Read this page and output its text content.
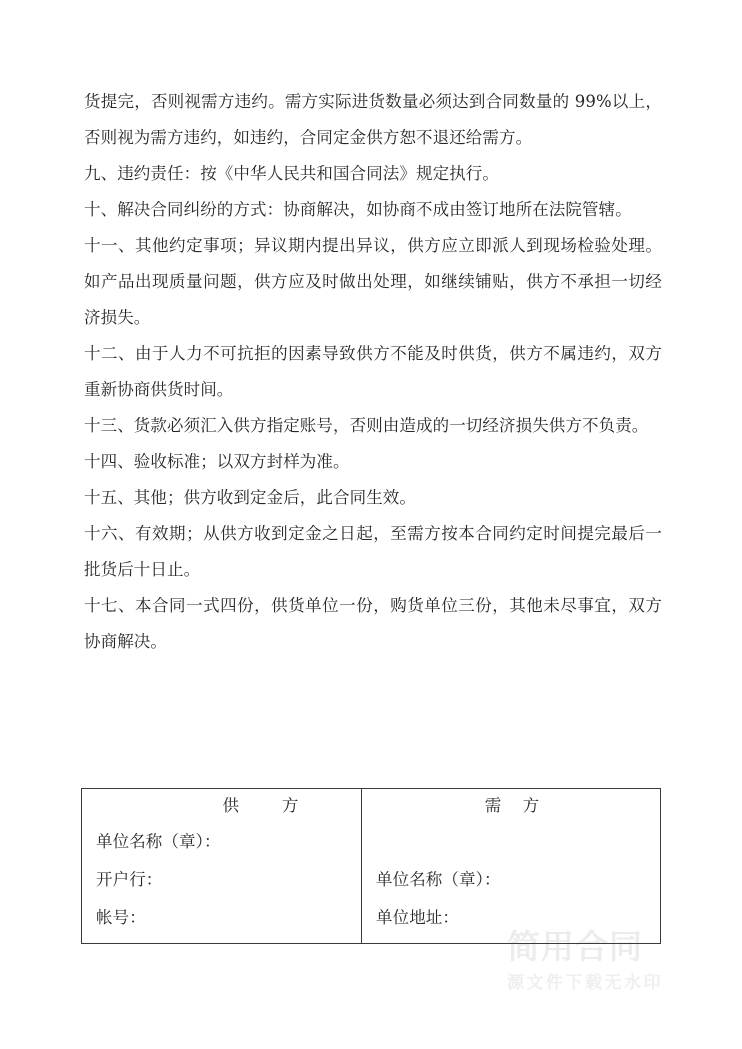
货提完，否则视需方违约。需方实际进货数量必须达到合同数量的 99%以上，否则视为需方违约，如违约，合同定金供方恕不退还给需方。

九、违约责任：按《中华人民共和国合同法》规定执行。

十、解决合同纠纷的方式：协商解决，如协商不成由签订地所在法院管辖。

十一、其他约定事项；异议期内提出异议，供方应立即派人到现场检验处理。如产品出现质量问题，供方应及时做出处理，如继续铺贴，供方不承担一切经济损失。

十二、由于人力不可抗拒的因素导致供方不能及时供货，供方不属违约，双方重新协商供货时间。

十三、货款必须汇入供方指定账号，否则由造成的一切经济损失供方不负责。

十四、验收标准；以双方封样为准。

十五、其他；供方收到定金后，此合同生效。

十六、有效期；从供方收到定金之日起，至需方按本合同约定时间提完最后一批货后十日止。

十七、本合同一式四份，供货单位一份，购货单位三份，其他未尽事宜，双方协商解决。

简用合同
源文件下载无水印
供        方
单位名称（章）：
开户行：
帐号：
需    方
单位名称（章）：
单位地址：
